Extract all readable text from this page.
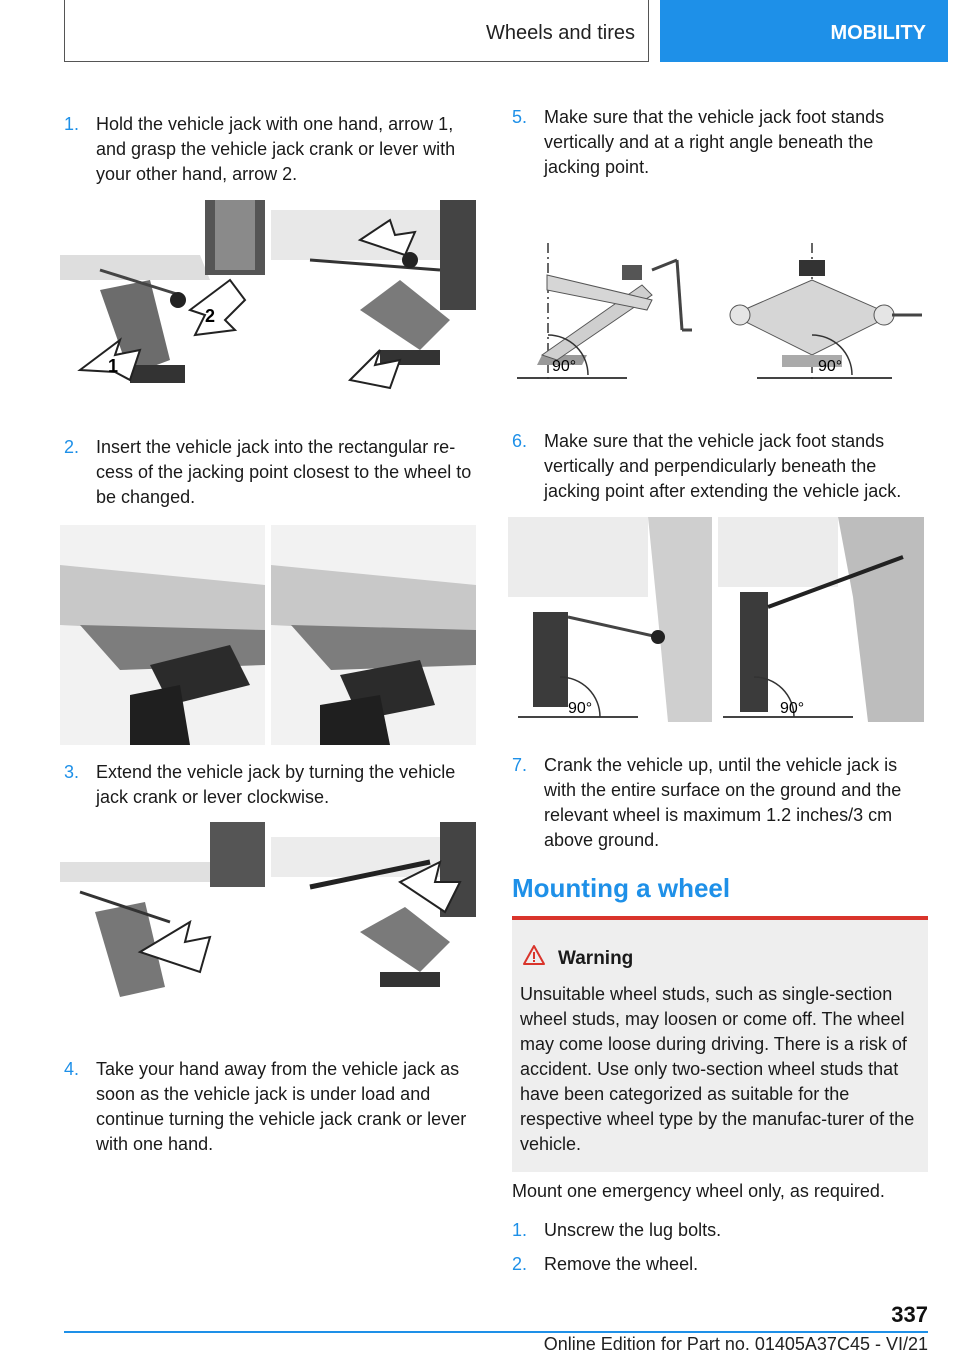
Wheels and tires	MOBILITY
1. Hold the vehicle jack with one hand, arrow 1, and grasp the vehicle jack crank or lever with your other hand, arrow 2.
1
2
2. Insert the vehicle jack into the rectangular re-cess of the jacking point closest to the wheel to be changed.
3. Extend the vehicle jack by turning the vehicle jack crank or lever clockwise.
4. Take your hand away from the vehicle jack as soon as the vehicle jack is under load and continue turning the vehicle jack crank or lever with one hand.
5. Make sure that the vehicle jack foot stands vertically and at a right angle beneath the jacking point.
90°	90°
6. Make sure that the vehicle jack foot stands vertically and perpendicularly beneath the jacking point after extending the vehicle jack.
90°	90°
7. Crank the vehicle up, until the vehicle jack is with the entire surface on the ground and the relevant wheel is maximum 1.2 inches/3 cm above ground.
Mounting a wheel
Warning
Unsuitable wheel studs, such as single-section wheel studs, may loosen or come off. The wheel may come loose during driving. There is a risk of accident. Use only two-section wheel studs that have been categorized as suitable for the respective wheel type by the manufac-turer of the vehicle.
Mount one emergency wheel only, as required.
1. Unscrew the lug bolts.
2. Remove the wheel.
337
Online Edition for Part no. 01405A37C45 - VI/21
